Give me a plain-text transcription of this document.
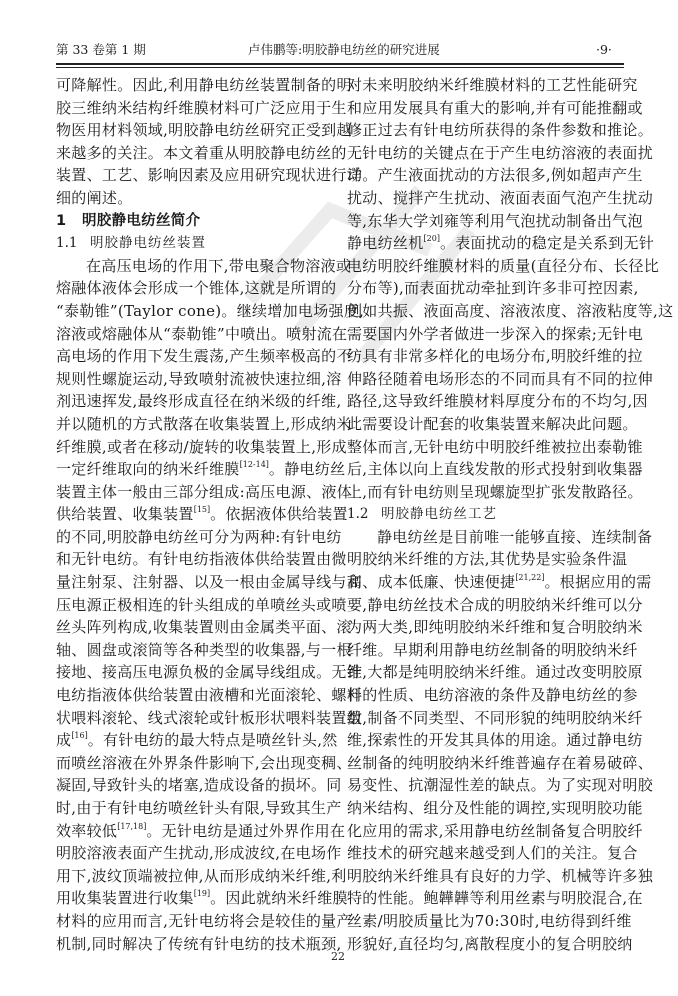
第 33 卷第 1 期	卢伟鹏等:明胶静电纺丝的研究进展	·9·
可降解性。因此,利用静电纺丝装置制备的明
胶三维纳米结构纤维膜材料可广泛应用于生
物医用材料领域,明胶静电纺丝研究正受到越
来越多的关注。本文着重从明胶静电纺丝的
装置、工艺、影响因素及应用研究现状进行详
细的阐述。
1 明胶静电纺丝简介
1.1 明胶静电纺丝装置
在高压电场的作用下,带电聚合物溶液或
熔融体液体会形成一个锥体,这就是所谓的
“泰勒锥”(Taylor cone)。继续增加电场强度,
溶液或熔融体从“泰勒锥”中喷出。喷射流在
高电场的作用下发生震荡,产生频率极高的不
规则性螺旋运动,导致喷射流被快速拉细,溶
剂迅速挥发,最终形成直径在纳米级的纤维,
并以随机的方式散落在收集装置上,形成纳米
纤维膜,或者在移动/旋转的收集装置上,形成
一定纤维取向的纳米纤维膜[12-14]。静电纺丝
装置主体一般由三部分组成:高压电源、液体
供给装置、收集装置[15]。依据液体供给装置
的不同,明胶静电纺丝可分为两种:有针电纺
和无针电纺。有针电纺指液体供给装置由微
量注射泵、注射器、以及一根由金属导线与高
压电源正极相连的针头组成的单喷丝头或喷
丝头阵列构成,收集装置则由金属类平面、滚
轴、圆盘或滚筒等各种类型的收集器,与一根
接地、接高压电源负极的金属导线组成。无针
电纺指液体供给装置由液槽和光面滚轮、螺杆
状喂料滚轮、线式滚轮或针板形状喂料装置组
成[16]。有针电纺的最大特点是喷丝针头,然
而喷丝溶液在外界条件影响下,会出现变稠、
凝固,导致针头的堵塞,造成设备的损坏。同
时,由于有针电纺喷丝针头有限,导致其生产
效率较低[17,18]。无针电纺是通过外界作用在
明胶溶液表面产生扰动,形成波纹,在电场作
用下,波纹顶端被拉伸,从而形成纳米纤维,利
用收集装置进行收集[19]。因此就纳米纤维膜
材料的应用而言,无针电纺将会是较佳的量产
机制,同时解决了传统有针电纺的技术瓶颈,
对未来明胶纳米纤维膜材料的工艺性能研究
和应用发展具有重大的影响,并有可能推翻或
修正过去有针电纺所获得的条件参数和推论。
无针电纺的关键点在于产生电纺溶液的表面扰
动。产生液面扰动的方法很多,例如超声产生
扰动、搅拌产生扰动、液面表面气泡产生扰动
等,东华大学刘雍等利用气泡扰动制备出气泡
静电纺丝机[20]。表面扰动的稳定是关系到无针
电纺明胶纤维膜材料的质量(直径分布、长径比
分布等),而表面扰动牵扯到许多非可控因素,
例如共振、液面高度、溶液浓度、溶液粘度等,这
需要国内外学者做进一步深入的探索;无针电
纺具有非常多样化的电场分布,明胶纤维的拉
伸路径随着电场形态的不同而具有不同的拉伸
路径,这导致纤维膜材料厚度分布的不均匀,因
此需要设计配套的收集装置来解决此问题。
整体而言,无针电纺中明胶纤维被拉出泰勒锥
后,主体以向上直线发散的形式投射到收集器
上,而有针电纺则呈现螺旋型扩张发散路径。
1.2 明胶静电纺丝工艺
静电纺丝是目前唯一能够直接、连续制备
明胶纳米纤维的方法,其优势是实验条件温
和、成本低廉、快速便捷[21,22]。根据应用的需
要,静电纺丝技术合成的明胶纳米纤维可以分
为两大类,即纯明胶纳米纤维和复合明胶纳米
纤维。早期利用静电纺丝制备的明胶纳米纤
维,大都是纯明胶纳米纤维。通过改变明胶原
料的性质、电纺溶液的条件及静电纺丝的参
数,制备不同类型、不同形貌的纯明胶纳米纤
维,探索性的开发其具体的用途。通过静电纺
丝制备的纯明胶纳米纤维普遍存在着易破碎、
易变性、抗潮湿性差的缺点。为了实现对明胶
纳米结构、组分及性能的调控,实现明胶功能
化应用的需求,采用静电纺丝制备复合明胶纤
维技术的研究越来越受到人们的关注。复合
明胶纳米纤维具有良好的力学、机械等许多独
特的性能。鲍韡韡等利用丝素与明胶混合,在
丝素/明胶质量比为70:30时,电纺得到纤维
形貌好,直径均匀,离散程度小的复合明胶纳
22
